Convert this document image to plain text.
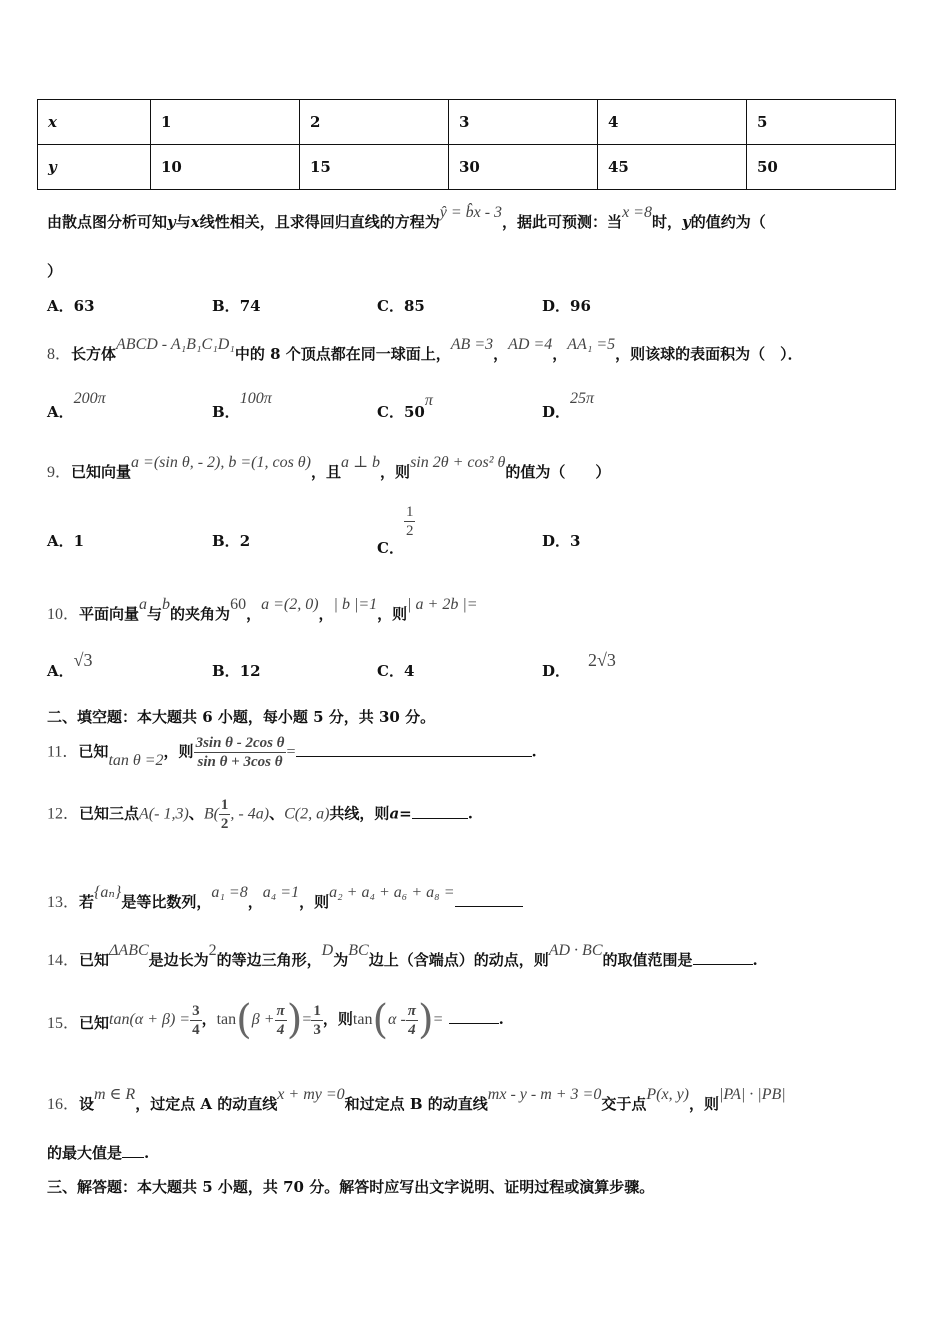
x	1	2	3	4	5
y	10	15	30	45	50
由散点图分析可知y与x线性相关，且求得回归直线的方程为ŷ = b̂x - 3，据此可预测：当x =8时，y的值约为（
）
A．63	B．74	C．85	D．96
8．长方体ABCD - A₁B₁C₁D₁中的 8 个顶点都在同一球面上，AB =3，AD =4，AA₁ =5，则该球的表面积为（　）．
A．200π
B．100π
C．50π
D．25π
9．已知向量a =(sin θ, - 2), b =(1, cos θ)，且a ⊥ b，则sin 2θ + cos² θ的值为（　　）
A．1	B．2	C．
$\frac{1}{2}$
D．3
10．平面向量a与b的夹角为60，a =(2, 0)，| b |=1，则| a + 2b |=
A．√3
B．12	C．4	D．2√3
二、填空题：本大题共 6 小题，每小题 5 分，共 30 分。
11．已知tan θ =2，则 $\frac{\text{3sin θ - 2cos θ}}{\text{sin θ + 3cos θ}}$ =	.
12．已知三点A(- 1,3)、$B( \frac{1}{2}$ , - 4a)、C(2, a)共线，则a=	.
13．若{aₙ}是等比数列，a₁ =8，a₄ =1，则a₂ + a₄ + a₆ + a₈ =
14．已知ΔABC是边长为2的等边三角形，D为BC边上（含端点）的动点，则AD · BC的取值范围是	.
15．已知$\tan(\alpha + \beta) = \frac{3}{4}$ ，$\tan(\beta + \frac{\pi}{4}$ )= $\frac{1}{3}$ ，则$\tan(\alpha - \frac{\pi}{4}$ )=	.
16．设m ∈ R，过定点 A 的动直线x + my =0和过定点 B 的动直线mx - y - m + 3 =0交于点P(x, y)，则|PA| · |PB|
的最大值是 .
三、解答题：本大题共 5 小题，共 70 分。解答时应写出文字说明、证明过程或演算步骤。
